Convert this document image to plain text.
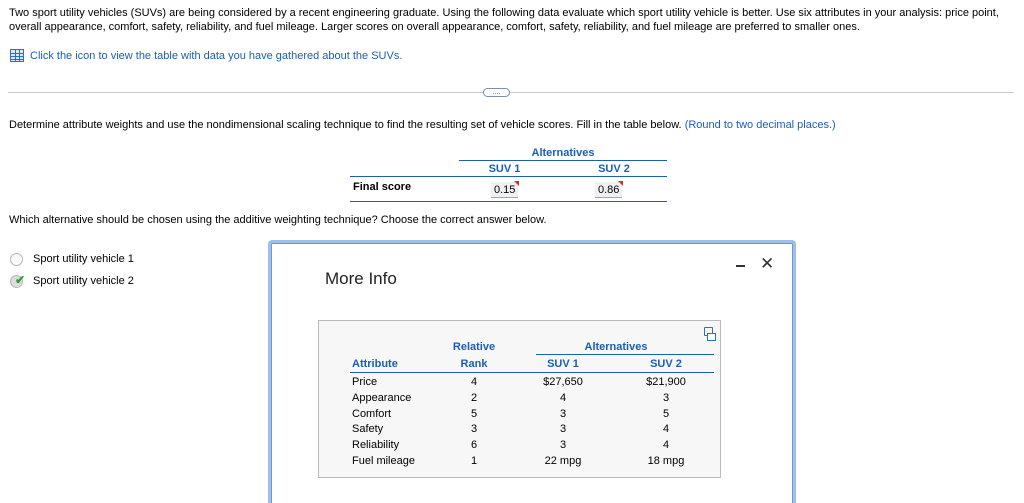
Two sport utility vehicles (SUVs) are being considered by a recent engineering graduate. Using the following data evaluate which sport utility vehicle is better. Use six attributes in your analysis: price point, overall appearance, comfort, safety, reliability, and fuel mileage. Larger scores on overall appearance, comfort, safety, reliability, and fuel mileage are preferred to smaller ones.
Click the icon to view the table with data you have gathered about the SUVs.
....
Determine attribute weights and use the nondimensional scaling technique to find the resulting set of vehicle scores. Fill in the table below. (Round to two decimal places.)
Alternatives
SUV 1	SUV 2
Final score	0.15	0.86
Which alternative should be chosen using the additive weighting technique? Choose the correct answer below.
Sport utility vehicle 1
✔ Sport utility vehicle 2	More Info
✕
Relative	Alternatives
Attribute	Rank	SUV 1	SUV 2
Price	4	$27,650	$21,900
Appearance	2	4	3
Comfort	5	3	5
Safety	3	3	4
Reliability	6	3	4
Fuel mileage	1	22 mpg	18 mpg
